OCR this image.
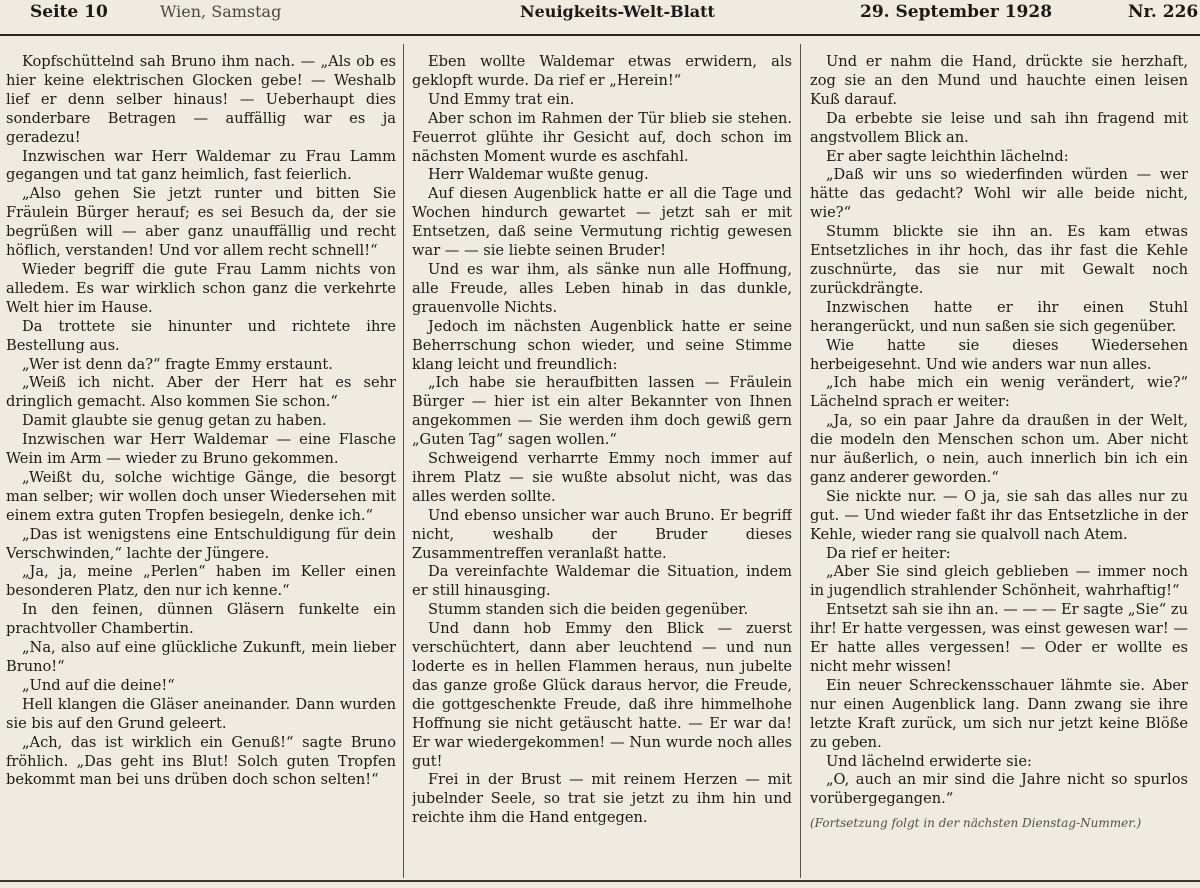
Seite 10	Wien, Samstag	Neuigkeits-Welt-Blatt	29. September 1928	Nr. 226

Kopfschüttelnd sah Bruno ihm nach. — „Als ob es hier keine elektrischen Glocken gebe! — Weshalb lief er denn selber hinaus! — Ueberhaupt dies sonderbare Betragen — auffällig war es ja geradezu!

Inzwischen war Herr Waldemar zu Frau Lamm gegangen und tat ganz heimlich, fast feierlich.

„Also gehen Sie jetzt runter und bitten Sie Fräulein Bürger herauf; es sei Besuch da, der sie begrüßen will — aber ganz unauffällig und recht höflich, verstanden! Und vor allem recht schnell!“

Wieder begriff die gute Frau Lamm nichts von alledem. Es war wirklich schon ganz die verkehrte Welt hier im Hause.

Da trottete sie hinunter und richtete ihre Bestellung aus.

„Wer ist denn da?“ fragte Emmy erstaunt.

„Weiß ich nicht. Aber der Herr hat es sehr dringlich gemacht. Also kommen Sie schon.“

Damit glaubte sie genug getan zu haben.

Inzwischen war Herr Waldemar — eine Flasche Wein im Arm — wieder zu Bruno gekommen.

„Weißt du, solche wichtige Gänge, die besorgt man selber; wir wollen doch unser Wiedersehen mit einem extra guten Tropfen besiegeln, denke ich.“

„Das ist wenigstens eine Entschuldigung für dein Verschwinden,“ lachte der Jüngere.

„Ja, ja, meine „Perlen“ haben im Keller einen besonderen Platz, den nur ich kenne.“

In den feinen, dünnen Gläsern funkelte ein prachtvoller Chambertin.

„Na, also auf eine glückliche Zukunft, mein lieber Bruno!“

„Und auf die deine!“

Hell klangen die Gläser aneinander. Dann wurden sie bis auf den Grund geleert.

„Ach, das ist wirklich ein Genuß!“ sagte Bruno fröhlich. „Das geht ins Blut! Solch guten Tropfen bekommt man bei uns drüben doch schon selten!“

Eben wollte Waldemar etwas erwidern, als geklopft wurde. Da rief er „Herein!“

Und Emmy trat ein.

Aber schon im Rahmen der Tür blieb sie stehen. Feuerrot glühte ihr Gesicht auf, doch schon im nächsten Moment wurde es aschfahl.

Herr Waldemar wußte genug.

Auf diesen Augenblick hatte er all die Tage und Wochen hindurch gewartet — jetzt sah er mit Entsetzen, daß seine Vermutung richtig gewesen war — — sie liebte seinen Bruder!

Und es war ihm, als sänke nun alle Hoffnung, alle Freude, alles Leben hinab in das dunkle, grauenvolle Nichts.

Jedoch im nächsten Augenblick hatte er seine Beherrschung schon wieder, und seine Stimme klang leicht und freundlich:

„Ich habe sie heraufbitten lassen — Fräulein Bürger — hier ist ein alter Bekannter von Ihnen angekommen — Sie werden ihm doch gewiß gern „Guten Tag“ sagen wollen.“

Schweigend verharrte Emmy noch immer auf ihrem Platz — sie wußte absolut nicht, was das alles werden sollte.

Und ebenso unsicher war auch Bruno. Er begriff nicht, weshalb der Bruder dieses Zusammentreffen veranlaßt hatte.

Da vereinfachte Waldemar die Situation, indem er still hinausging.

Stumm standen sich die beiden gegenüber.

Und dann hob Emmy den Blick — zuerst verschüchtert, dann aber leuchtend — und nun loderte es in hellen Flammen heraus, nun jubelte das ganze große Glück daraus hervor, die Freude, die gottgeschenkte Freude, daß ihre himmelhohe Hoffnung sie nicht getäuscht hatte. — Er war da! Er war wiedergekommen! — Nun wurde noch alles gut!

Frei in der Brust — mit reinem Herzen — mit jubelnder Seele, so trat sie jetzt zu ihm hin und reichte ihm die Hand entgegen.

Und er nahm die Hand, drückte sie herzhaft, zog sie an den Mund und hauchte einen leisen Kuß darauf.

Da erbebte sie leise und sah ihn fragend mit angstvollem Blick an.

Er aber sagte leichthin lächelnd:

„Daß wir uns so wiederfinden würden — wer hätte das gedacht? Wohl wir alle beide nicht, wie?“

Stumm blickte sie ihn an. Es kam etwas Entsetzliches in ihr hoch, das ihr fast die Kehle zuschnürte, das sie nur mit Gewalt noch zurückdrängte.

Inzwischen hatte er ihr einen Stuhl herangerückt, und nun saßen sie sich gegenüber.

Wie hatte sie dieses Wiedersehen herbeigesehnt. Und wie anders war nun alles.

„Ich habe mich ein wenig verändert, wie?“ Lächelnd sprach er weiter:

„Ja, so ein paar Jahre da draußen in der Welt, die modeln den Menschen schon um. Aber nicht nur äußerlich, o nein, auch innerlich bin ich ein ganz anderer geworden.“

Sie nickte nur. — O ja, sie sah das alles nur zu gut. — Und wieder faßt ihr das Entsetzliche in der Kehle, wieder rang sie qualvoll nach Atem.

Da rief er heiter:

„Aber Sie sind gleich geblieben — immer noch in jugendlich strahlender Schönheit, wahrhaftig!“

Entsetzt sah sie ihn an. — — — Er sagte „Sie“ zu ihr! Er hatte vergessen, was einst gewesen war! — Er hatte alles vergessen! — Oder er wollte es nicht mehr wissen!

Ein neuer Schreckensschauer lähmte sie. Aber nur einen Augenblick lang. Dann zwang sie ihre letzte Kraft zurück, um sich nur jetzt keine Blöße zu geben.

Und lächelnd erwiderte sie:

„O, auch an mir sind die Jahre nicht so spurlos vorübergegangen.“

(Fortsetzung folgt in der nächsten Dienstag-Nummer.)
